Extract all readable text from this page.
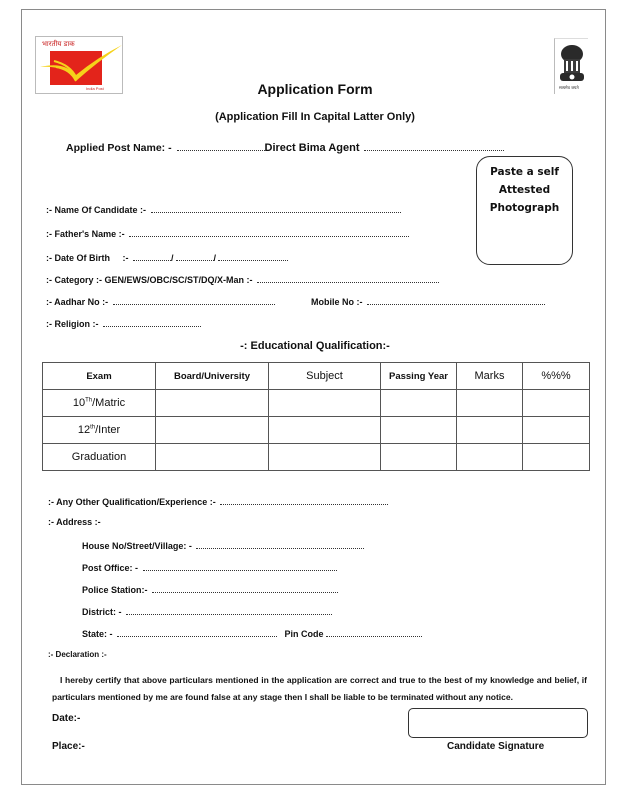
भारतीय डाक
India Post	सत्यमेव जयते
Application Form
(Application Fill In Capital Latter Only)
Applied Post Name: -	Direct Bima Agent
Paste a self
Attested
Photograph
:- Name Of Candidate :-
:- Father's Name :-
:- Date Of Birth :-	/	/
:- Category :- GEN/EWS/OBC/SC/ST/DQ/X-Man :-
:- Aadhar No :-	Mobile No :-
:- Religion :-
-: Educational Qualification:-
Exam	Board/University	Subject	Passing Year	Marks	%%%
10Th/Matric					
12th/Inter					
Graduation					
:- Any Other Qualification/Experience :-
:- Address :-
House No/Street/Village: -
Post Office: -
Police Station:-
District: -
State: -	Pin Code
:- Declaration :-
I hereby certify that above particulars mentioned in the application are correct and true to the best of my knowledge and belief, if particulars mentioned by me are found false at any stage then I shall be liable to be terminated without any notice.
Date:-
Place:-	Candidate Signature
